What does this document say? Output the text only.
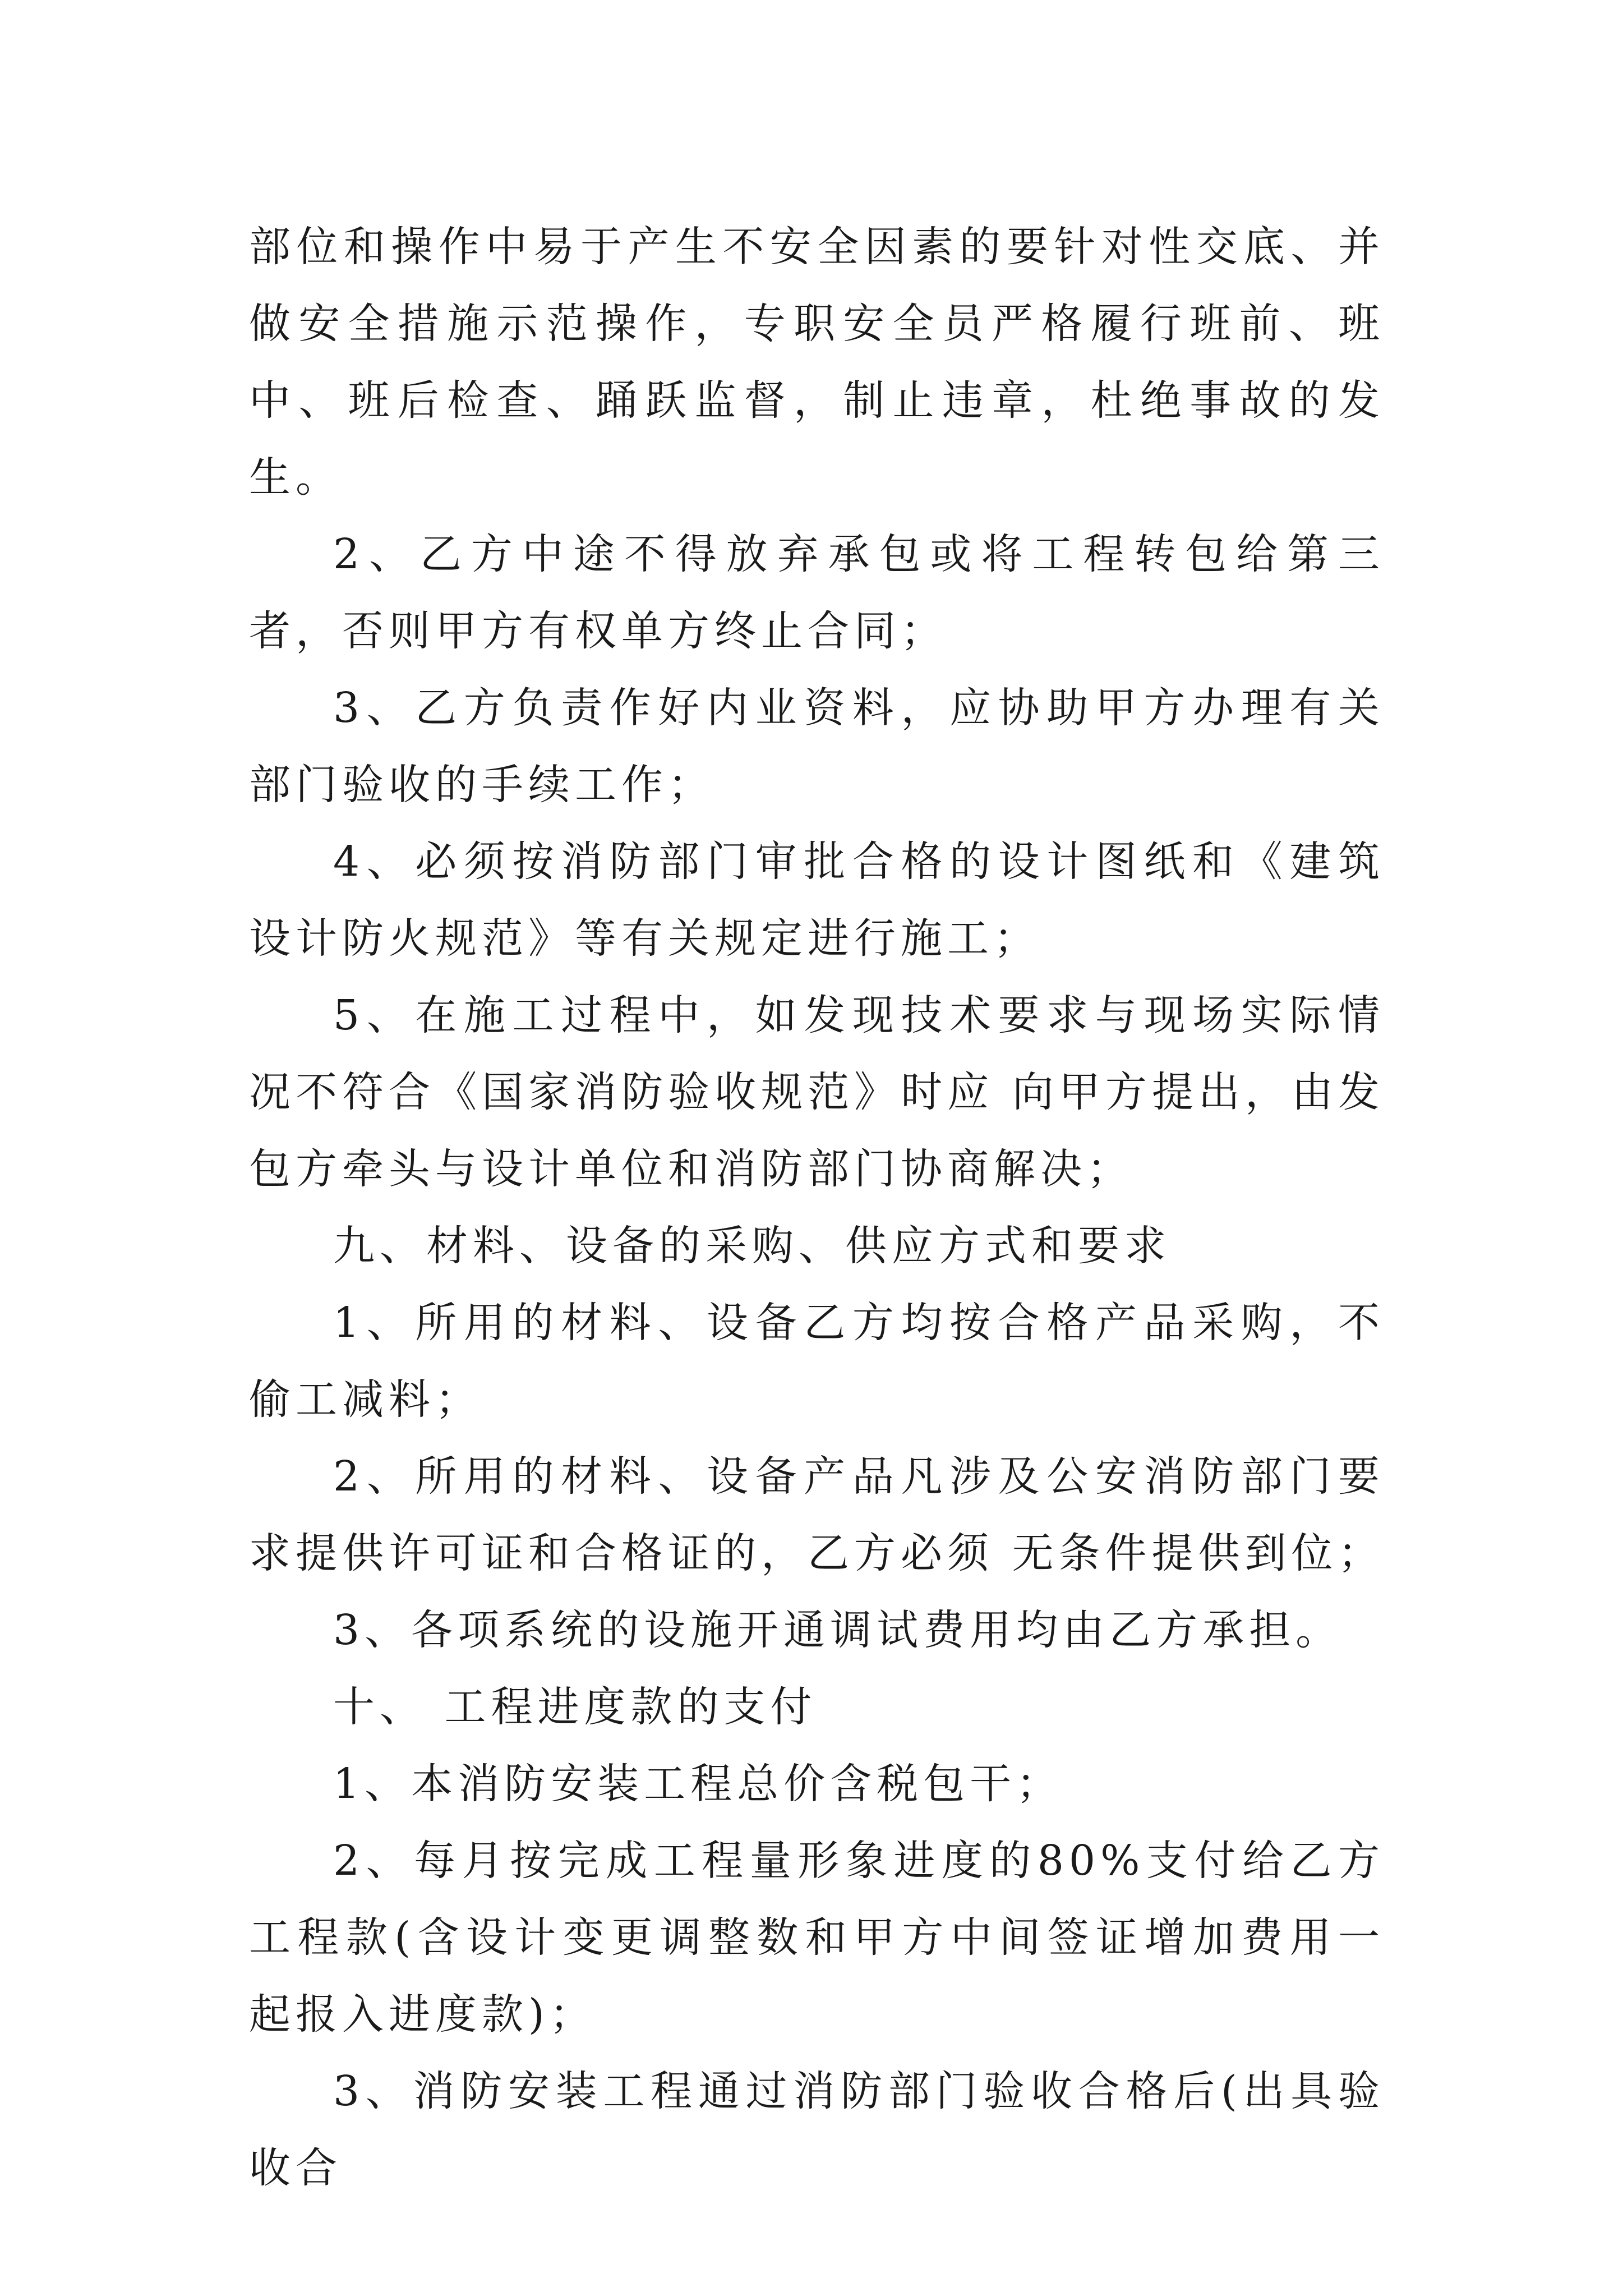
部位和操作中易于产生不安全因素的要针对性交底、并做安全措施示范操作，专职安全员严格履行班前、班中、班后检查、踊跃监督，制止违章，杜绝事故的发生。

2、乙方中途不得放弃承包或将工程转包给第三者，否则甲方有权单方终止合同；

3、乙方负责作好内业资料，应协助甲方办理有关部门验收的手续工作；

4、必须按消防部门审批合格的设计图纸和《建筑设计防火规范》等有关规定进行施工；

5、在施工过程中，如发现技术要求与现场实际情况不符合《国家消防验收规范》时应 向甲方提出，由发包方牵头与设计单位和消防部门协商解决；

九、材料、设备的采购、供应方式和要求

1、所用的材料、设备乙方均按合格产品采购，不偷工减料；

2、所用的材料、设备产品凡涉及公安消防部门要求提供许可证和合格证的，乙方必须 无条件提供到位；

3、各项系统的设施开通调试费用均由乙方承担。

十、 工程进度款的支付

1、本消防安装工程总价含税包干；

2、每月按完成工程量形象进度的80%支付给乙方工程款(含设计变更调整数和甲方中间签证增加费用一起报入进度款)；

3、消防安装工程通过消防部门验收合格后(出具验收合
